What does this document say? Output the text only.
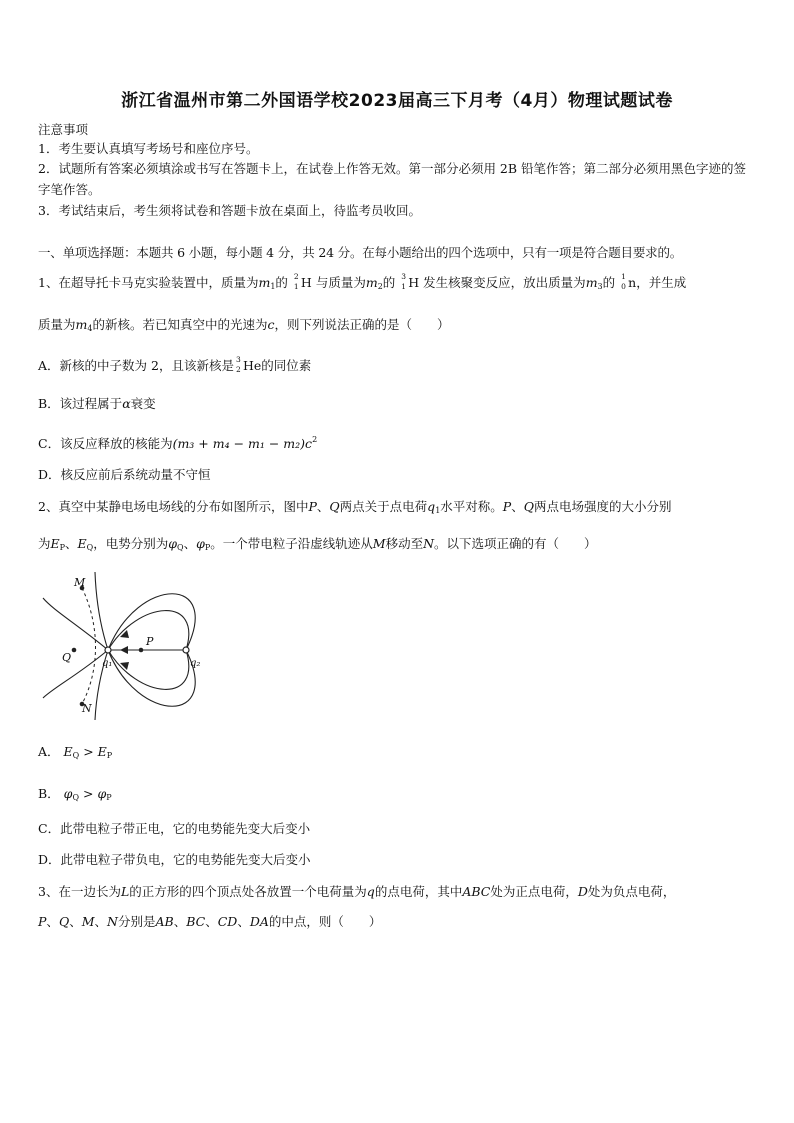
浙江省温州市第二外国语学校2023届高三下月考（4月）物理试题试卷
注意事项
1．考生要认真填写考场号和座位序号。
2．试题所有答案必须填涂或书写在答题卡上，在试卷上作答无效。第一部分必须用 2B 铅笔作答；第二部分必须用黑色字迹的签字笔作答。
3．考试结束后，考生须将试卷和答题卡放在桌面上，待监考员收回。
一、单项选择题：本题共 6 小题，每小题 4 分，共 24 分。在每小题给出的四个选项中，只有一项是符合题目要求的。
1、在超导托卡马克实验装置中，质量为$m_1$的 2
1 H 与质量为$m_2$的 3
1 H 发生核聚变反应，放出质量为$m_3$的 1
0 n，并生成
质量为$m_4$的新核。若已知真空中的光速为c，则下列说法正确的是（　　）
A．新核的中子数为 2，且该新核是 3
2 He的同位素
B．该过程属于α衰变
C．该反应释放的核能为$(m_3 + m_4 - m_1 - m_2)c^2$
D．核反应前后系统动量不守恒
2、真空中某静电场电场线的分布如图所示，图中P、Q两点关于点电荷$q_1$水平对称。P、Q两点电场强度的大小分别
为$E_P$、$E_Q$，电势分别为$\varphi_Q$、$\varphi_P$。一个带电粒子沿虚线轨迹从M移动至N。以下选项正确的有（　　）
M
N
P
Q	q₁	q₂
A． $E_Q > E_P$
B． $\varphi_Q > \varphi_P$
C．此带电粒子带正电，它的电势能先变大后变小
D．此带电粒子带负电，它的电势能先变大后变小
3、在一边长为L的正方形的四个顶点处各放置一个电荷量为q的点电荷，其中ABC处为正点电荷，D处为负点电荷，
P、Q、M、N分别是AB、BC、CD、DA的中点，则（　　）
